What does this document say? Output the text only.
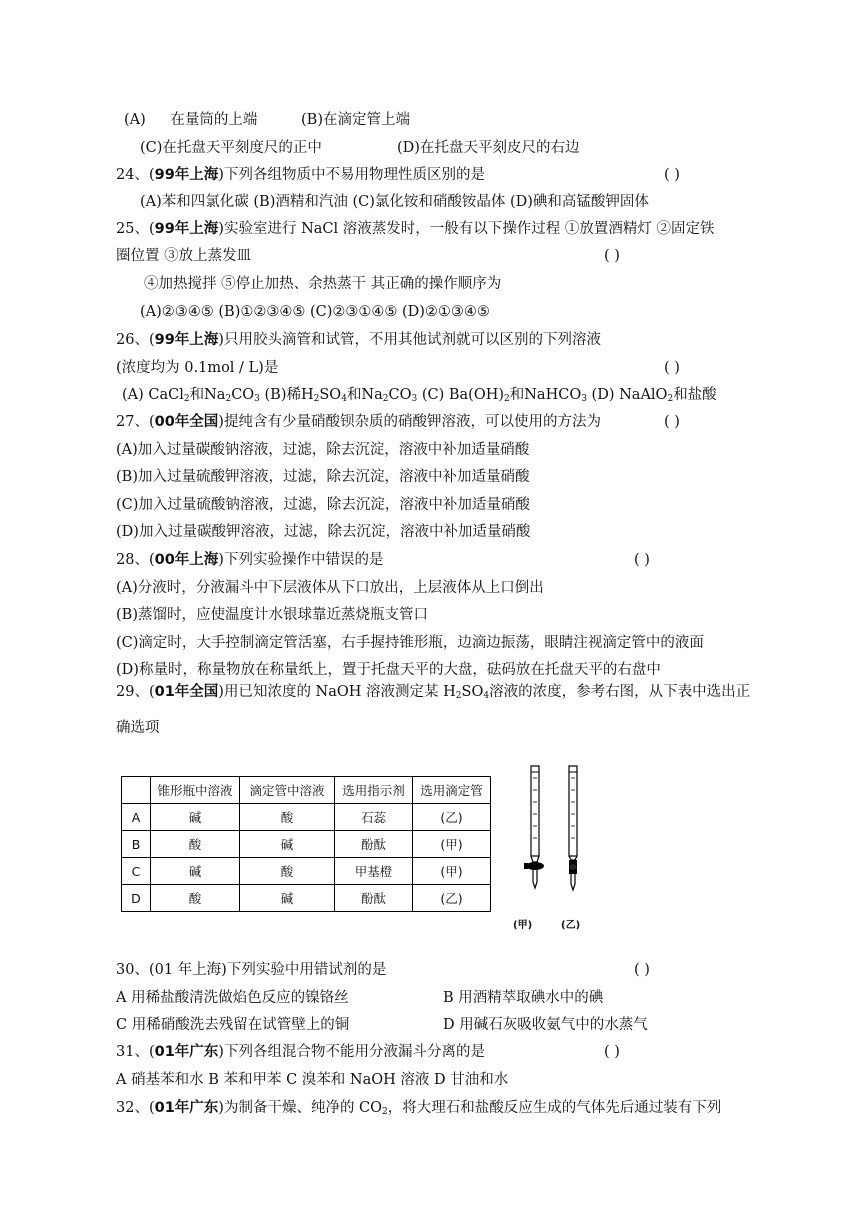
(A) 在量筒的上端	(B)在滴定管上端
(C)在托盘天平刻度尺的正中	(D)在托盘天平刻皮尺的右边
24、(99年上海)下列各组物质中不易用物理性质区别的是	( )
(A)苯和四氯化碳 (B)酒精和汽油 (C)氯化铵和硝酸铵晶体 (D)碘和高锰酸钾固体
25、(99年上海)实验室进行 NaCl 溶液蒸发时，一般有以下操作过程 ①放置酒精灯 ②固定铁
圈位置 ③放上蒸发皿	( )
④加热搅拌 ⑤停止加热、余热蒸干 其正确的操作顺序为
(A)②③④⑤ (B)①②③④⑤ (C)②③①④⑤ (D)②①③④⑤
26、(99年上海)只用胶头滴管和试管，不用其他试剂就可以区别的下列溶液
(浓度均为 0.1mol / L)是	( )
(A) CaCl$_2$和$Na_2CO_3$ (B)稀$H_2SO_4$和$Na_2CO_3$ (C) $Ba(OH)_2$和NaHCO$_3$ (D) NaAlO$_2$和盐酸
27、(00年全国)提纯含有少量硝酸钡杂质的硝酸钾溶液，可以使用的方法为	( )
(A)加入过量碳酸钠溶液，过滤，除去沉淀，溶液中补加适量硝酸
(B)加入过量硫酸钾溶液，过滤，除去沉淀，溶液中补加适量硝酸
(C)加入过量硫酸钠溶液，过滤，除去沉淀，溶液中补加适量硝酸
(D)加入过量碳酸钾溶液，过滤，除去沉淀，溶液中补加适量硝酸
28、(00年上海)下列实验操作中错误的是	( )
(A)分液时，分液漏斗中下层液体从下口放出，上层液体从上口倒出
(B)蒸馏时，应使温度计水银球靠近蒸烧瓶支管口
(C)滴定时，大手控制滴定管活塞，右手握持锥形瓶，边滴边振荡，眼睛注视滴定管中的液面
(D)称量时，称量物放在称量纸上，置于托盘天平的大盘，砝码放在托盘天平的右盘中
29、(01年全国)用已知浓度的 NaOH 溶液测定某 $H_2SO_4$溶液的浓度，参考右图，从下表中选出正
确选项
	锥形瓶中溶液	滴定管中溶液	选用指示剂	选用滴定管
A	碱	酸	石蕊	(乙)
B	酸	碱	酚酞	(甲)
C	碱	酸	甲基橙	(甲)
D	酸	碱	酚酞	(乙)
(甲)	(乙)
30、(01 年上海)下列实验中用错试剂的是	( )
A 用稀盐酸清洗做焰色反应的镍铬丝	B 用酒精萃取碘水中的碘
C 用稀硝酸洗去残留在试管壁上的铜	D 用碱石灰吸收氨气中的水蒸气
31、(01年广东)下列各组混合物不能用分液漏斗分离的是	( )
A 硝基苯和水 B 苯和甲苯 C 溴苯和 NaOH 溶液 D 甘油和水
32、(01年广东)为制备干燥、纯净的 $CO_2$，将大理石和盐酸反应生成的气体先后通过装有下列
